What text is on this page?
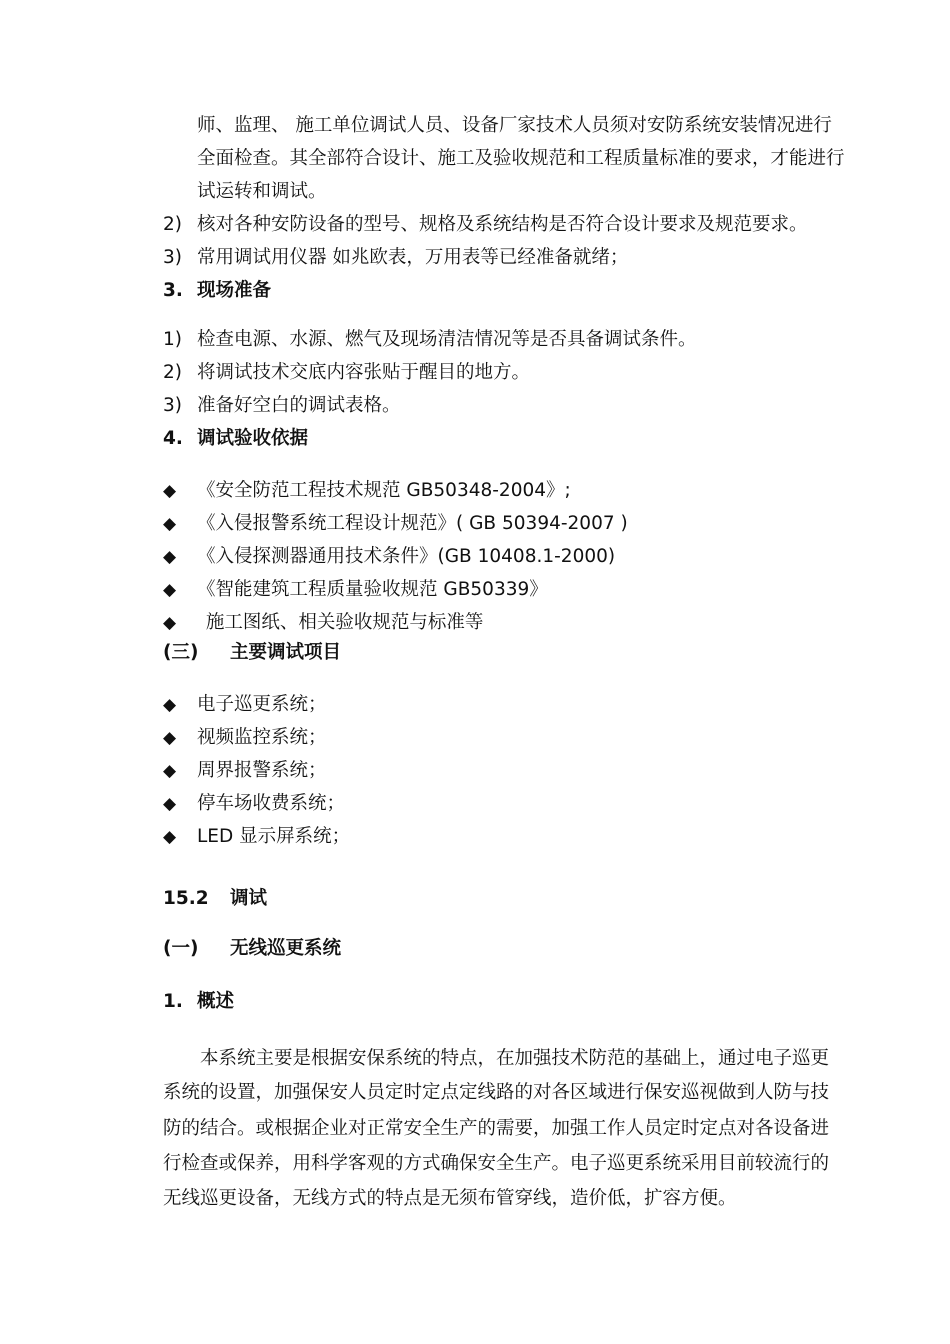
师、监理、 施工单位调试人员、设备厂家技术人员须对安防系统安装情况进行
全面检查。其全部符合设计、施工及验收规范和工程质量标准的要求，才能进行
试运转和调试。
2) 核对各种安防设备的型号、规格及系统结构是否符合设计要求及规范要求。
3) 常用调试用仪器 如兆欧表，万用表等已经准备就绪；
3. 现场准备
1) 检查电源、水源、燃气及现场清洁情况等是否具备调试条件。
2) 将调试技术交底内容张贴于醒目的地方。
3) 准备好空白的调试表格。
4. 调试验收依据
◆ 《安全防范工程技术规范 GB50348-2004》;
◆ 《入侵报警系统工程设计规范》( GB 50394-2007 )
◆ 《入侵探测器通用技术条件》(GB 10408.1-2000)
◆ 《智能建筑工程质量验收规范 GB50339》
◆ 施工图纸、相关验收规范与标准等
(三) 主要调试项目
◆ 电子巡更系统；
◆ 视频监控系统；
◆ 周界报警系统；
◆ 停车场收费系统；
◆ LED 显示屏系统；
15.2 调试
(一) 无线巡更系统
1. 概述
本系统主要是根据安保系统的特点，在加强技术防范的基础上，通过电子巡更
系统的设置，加强保安人员定时定点定线路的对各区域进行保安巡视做到人防与技
防的结合。或根据企业对正常安全生产的需要，加强工作人员定时定点对各设备进
行检查或保养，用科学客观的方式确保安全生产。电子巡更系统采用目前较流行的
无线巡更设备，无线方式的特点是无须布管穿线，造价低，扩容方便。
